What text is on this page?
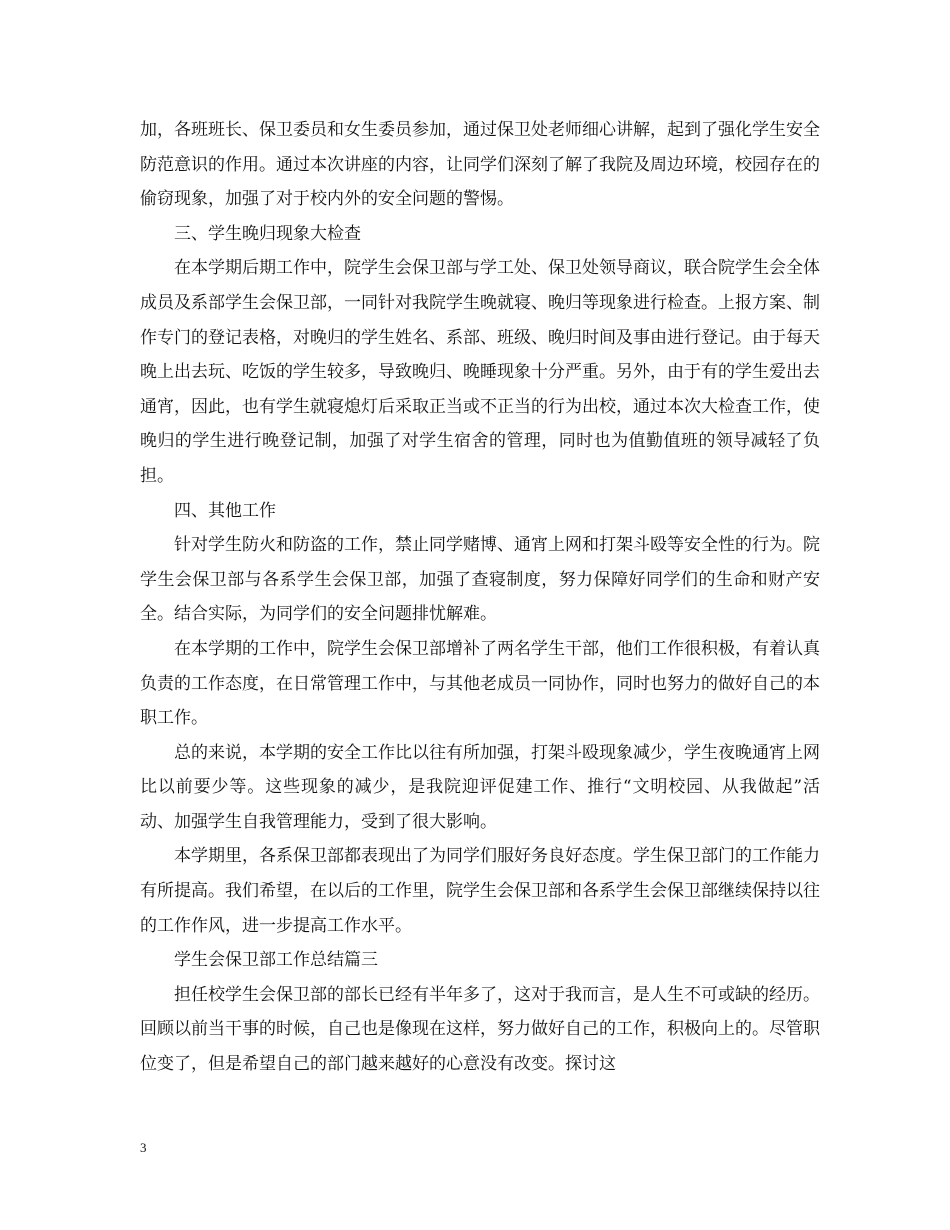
加，各班班长、保卫委员和女生委员参加，通过保卫处老师细心讲解，起到了强化学生安全防范意识的作用。通过本次讲座的内容，让同学们深刻了解了我院及周边环境，校园存在的偷窃现象，加强了对于校内外的安全问题的警惕。

三、学生晚归现象大检查

在本学期后期工作中，院学生会保卫部与学工处、保卫处领导商议，联合院学生会全体成员及系部学生会保卫部，一同针对我院学生晚就寝、晚归等现象进行检查。上报方案、制作专门的登记表格，对晚归的学生姓名、系部、班级、晚归时间及事由进行登记。由于每天晚上出去玩、吃饭的学生较多，导致晚归、晚睡现象十分严重。另外，由于有的学生爱出去通宵，因此，也有学生就寝熄灯后采取正当或不正当的行为出校，通过本次大检查工作，使晚归的学生进行晚登记制，加强了对学生宿舍的管理，同时也为值勤值班的领导减轻了负担。

四、其他工作

针对学生防火和防盗的工作，禁止同学赌博、通宵上网和打架斗殴等安全性的行为。院学生会保卫部与各系学生会保卫部，加强了查寝制度，努力保障好同学们的生命和财产安全。结合实际，为同学们的安全问题排忧解难。

在本学期的工作中，院学生会保卫部增补了两名学生干部，他们工作很积极，有着认真负责的工作态度，在日常管理工作中，与其他老成员一同协作，同时也努力的做好自己的本职工作。

总的来说，本学期的安全工作比以往有所加强，打架斗殴现象减少，学生夜晚通宵上网比以前要少等。这些现象的减少，是我院迎评促建工作、推行“文明校园、从我做起”活动、加强学生自我管理能力，受到了很大影响。

本学期里，各系保卫部都表现出了为同学们服好务良好态度。学生保卫部门的工作能力有所提高。我们希望，在以后的工作里，院学生会保卫部和各系学生会保卫部继续保持以往的工作作风，进一步提高工作水平。

学生会保卫部工作总结篇三

担任校学生会保卫部的部长已经有半年多了，这对于我而言，是人生不可或缺的经历。回顾以前当干事的时候，自己也是像现在这样，努力做好自己的工作，积极向上的。尽管职位变了，但是希望自己的部门越来越好的心意没有改变。探讨这

3
